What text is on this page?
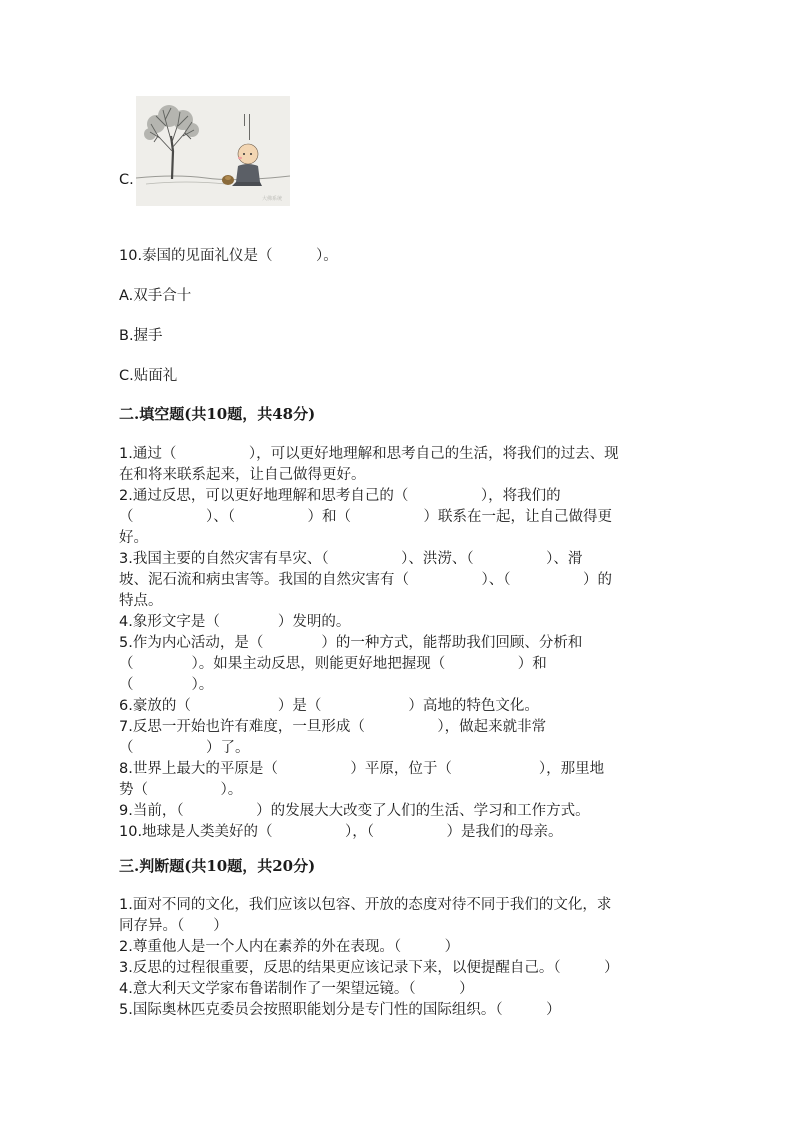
C.
大佛系统
10.泰国的见面礼仪是（　　　）。
A.双手合十
B.握手
C.贴面礼
二.填空题(共10题，共48分)
1.通过（　　　　　），可以更好地理解和思考自己的生活，将我们的过去、现
在和将来联系起来，让自己做得更好。
2.通过反思，可以更好地理解和思考自己的（　　　　　），将我们的
（　　　　　）、（　　　　　）和（　　　　　）联系在一起，让自己做得更
好。
3.我国主要的自然灾害有旱灾、（　　　　　）、洪涝、（　　　　　）、滑
坡、泥石流和病虫害等。我国的自然灾害有（　　　　　）、（　　　　　）的
特点。
4.象形文字是（　　　　）发明的。
5.作为内心活动，是（　　　　）的一种方式，能帮助我们回顾、分析和
（　　　　）。如果主动反思，则能更好地把握现（　　　　　）和
（　　　　）。
6.豪放的（　　　　　　）是（　　　　　　）高地的特色文化。
7.反思一开始也许有难度，一旦形成（　　　　　），做起来就非常
（　　　　　）了。
8.世界上最大的平原是（　　　　　）平原，位于（　　　　　　），那里地
势（　　　　　）。
9.当前，（　　　　　）的发展大大改变了人们的生活、学习和工作方式。
10.地球是人类美好的（　　　　　），（　　　　　）是我们的母亲。
三.判断题(共10题，共20分)
1.面对不同的文化，我们应该以包容、开放的态度对待不同于我们的文化，求
同存异。（　　）
2.尊重他人是一个人内在素养的外在表现。（　　　）
3.反思的过程很重要，反思的结果更应该记录下来，以便提醒自己。（　　　）
4.意大利天文学家布鲁诺制作了一架望远镜。（　　　）
5.国际奥林匹克委员会按照职能划分是专门性的国际组织。（　　　）
